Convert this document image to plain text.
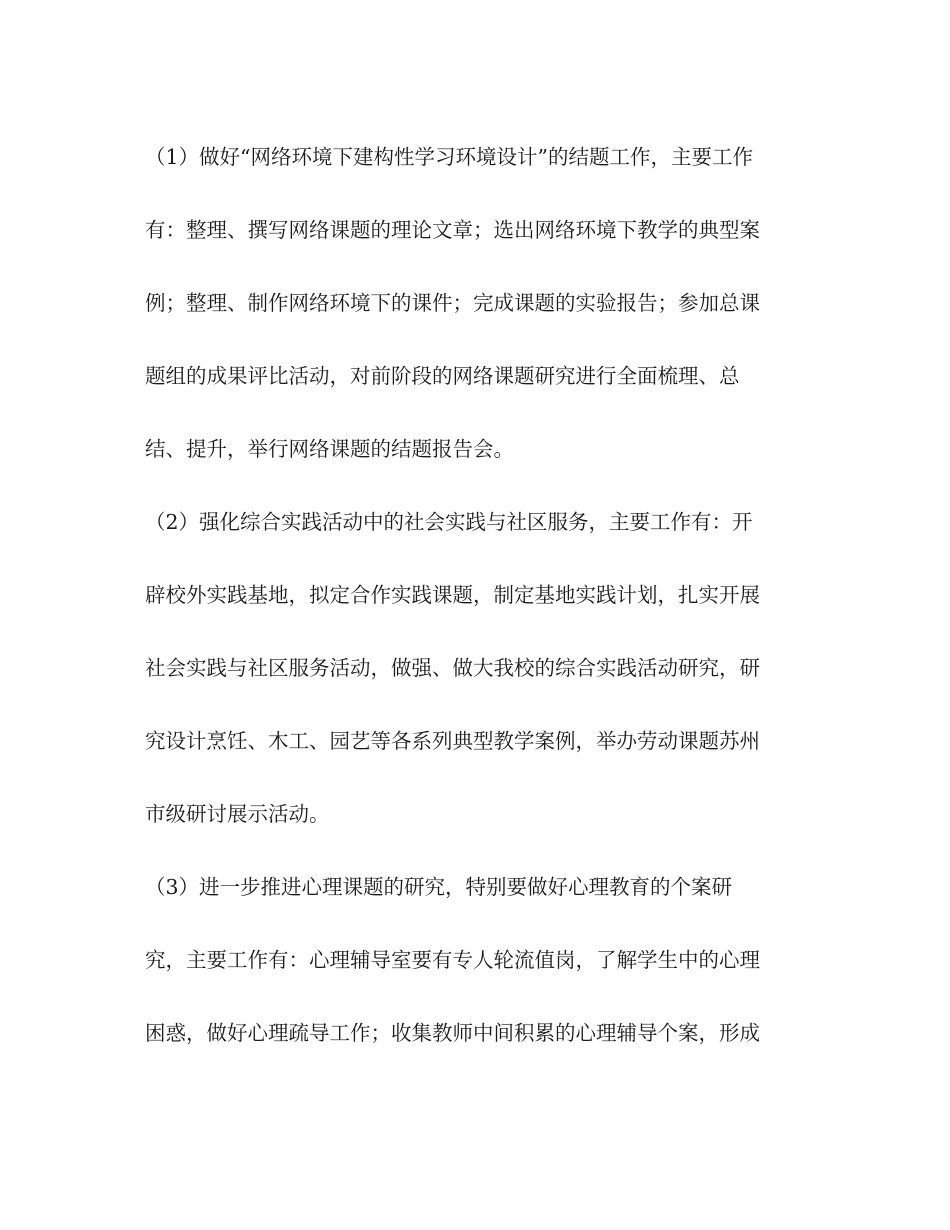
（1）做好“网络环境下建构性学习环境设计”的结题工作，主要工作
有：整理、撰写网络课题的理论文章；选出网络环境下教学的典型案
例；整理、制作网络环境下的课件；完成课题的实验报告；参加总课
题组的成果评比活动，对前阶段的网络课题研究进行全面梳理、总
结、提升，举行网络课题的结题报告会。
（2）强化综合实践活动中的社会实践与社区服务，主要工作有：开
辟校外实践基地，拟定合作实践课题，制定基地实践计划，扎实开展
社会实践与社区服务活动，做强、做大我校的综合实践活动研究，研
究设计烹饪、木工、园艺等各系列典型教学案例，举办劳动课题苏州
市级研讨展示活动。
（3）进一步推进心理课题的研究，特别要做好心理教育的个案研
究，主要工作有：心理辅导室要有专人轮流值岗，了解学生中的心理
困惑，做好心理疏导工作；收集教师中间积累的心理辅导个案，形成
